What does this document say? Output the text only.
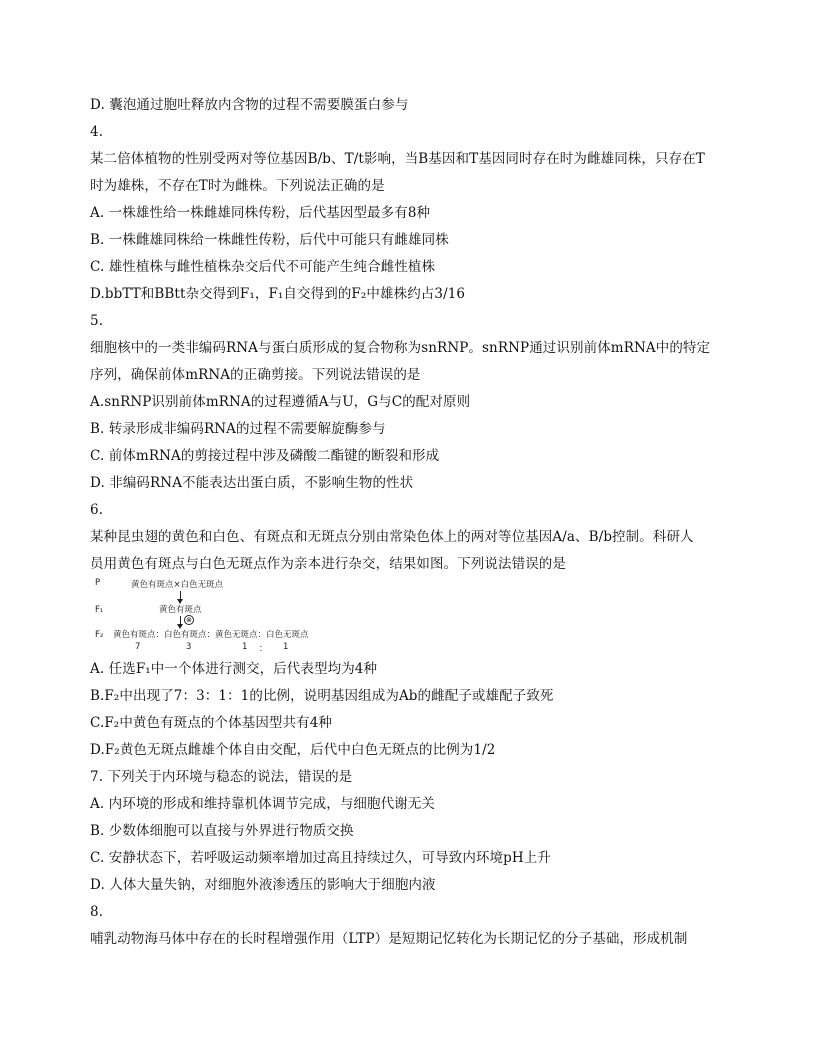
D. 囊泡通过胞吐释放内含物的过程不需要膜蛋白参与
4.
某二倍体植物的性别受两对等位基因B/b、T/t影响，当B基因和T基因同时存在时为雌雄同株，只存在T
时为雄株，不存在T时为雌株。下列说法正确的是
A. 一株雄性给一株雌雄同株传粉，后代基因型最多有8种
B. 一株雌雄同株给一株雌性传粉，后代中可能只有雌雄同株
C. 雄性植株与雌性植株杂交后代不可能产生纯合雌性植株
D.bbTT和BBtt杂交得到F₁，F₁自交得到的F₂中雄株约占3/16
5.
细胞核中的一类非编码RNA与蛋白质形成的复合物称为snRNP。snRNP通过识别前体mRNA中的特定
序列，确保前体mRNA的正确剪接。下列说法错误的是
A.snRNP识别前体mRNA的过程遵循A与U，G与C的配对原则
B. 转录形成非编码RNA的过程不需要解旋酶参与
C. 前体mRNA的剪接过程中涉及磷酸二酯键的断裂和形成
D. 非编码RNA不能表达出蛋白质，不影响生物的性状
6.
某种昆虫翅的黄色和白色、有斑点和无斑点分别由常染色体上的两对等位基因A/a、B/b控制。科研人
员用黄色有斑点与白色无斑点作为亲本进行杂交，结果如图。下列说法错误的是
P	黄色有斑点×白色无斑点
F₁	黄色有斑点
⊗
F₂ 黄色有斑点：白色有斑点：黄色无斑点：白色无斑点
7	3	1 ： 1
A. 任选F₁中一个体进行测交，后代表型均为4种
B.F₂中出现了7：3：1：1的比例，说明基因组成为Ab的雌配子或雄配子致死
C.F₂中黄色有斑点的个体基因型共有4种
D.F₂黄色无斑点雌雄个体自由交配，后代中白色无斑点的比例为1/2
7. 下列关于内环境与稳态的说法，错误的是
A. 内环境的形成和维持靠机体调节完成，与细胞代谢无关
B. 少数体细胞可以直接与外界进行物质交换
C. 安静状态下，若呼吸运动频率增加过高且持续过久，可导致内环境pH上升
D. 人体大量失钠，对细胞外液渗透压的影响大于细胞内液
8.
哺乳动物海马体中存在的长时程增强作用（LTP）是短期记忆转化为长期记忆的分子基础，形成机制
